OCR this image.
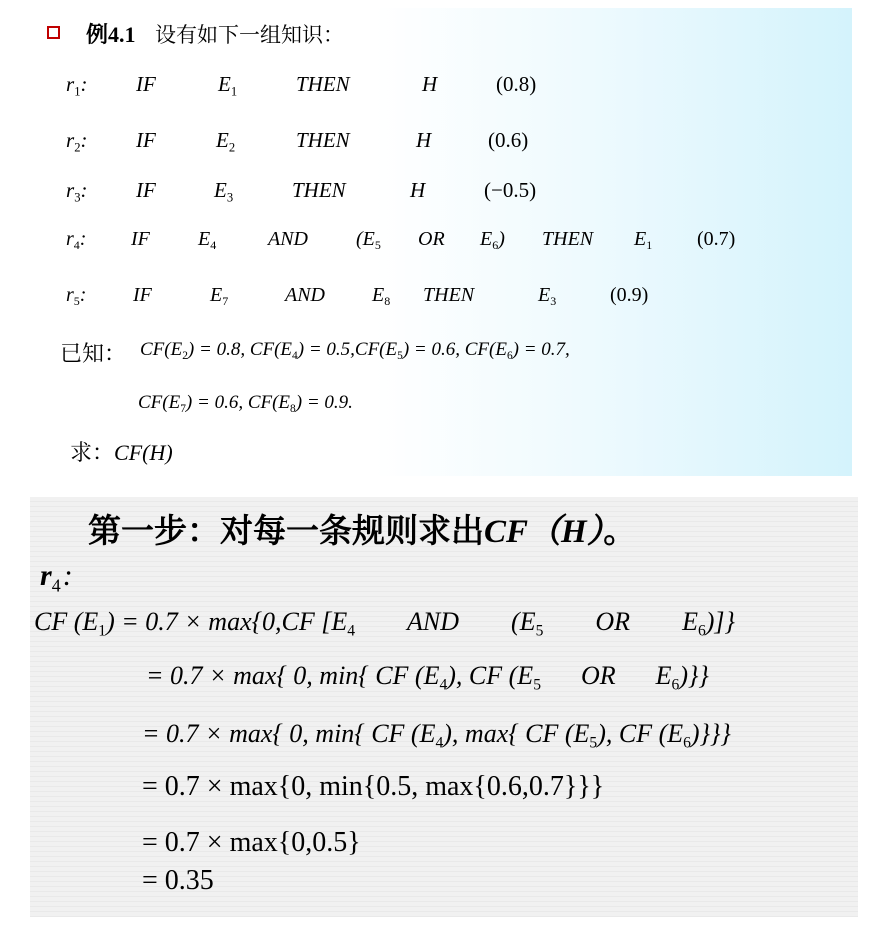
例4.1 设有如下一组知识：
$r_1$: IF	$E_1$	THEN	H	(0.8)
$r_2$: IF	$E_2$	THEN	H	(0.6)
$r_3$: IF	$E_3$	THEN	H	(−0.5)
$r_4$: IF $E_4$	AND ($E_5$ OR $E_6$) THEN $E_1$ (0.7)
$r_5$: IF	$E_7$	AND $E_8$ THEN	$E_3$	(0.9)
已知： $CF(E_2) = 0.8$, $CF(E_4) = 0.5,CF(E_5) = 0.6$, $CF(E_6) = 0.7$,
$CF(E_7) = 0.6$, $CF(E_8) = 0.9$.
求：CF(H)
第一步：对每一条规则求出CF（H）。
$r_4$:
CF $(E_1) = 0.7 \times \max\{0,CF$ [$E_4$ AND ($E_5$ OR $E_6$)]}
= 0.7 × max{ 0, min{ CF $(E_4)$, CF ($E_5$ OR $E_6$)}}
= 0.7 × max{ 0, min{ CF $(E_4)$, max{ CF $(E_5)$, CF $(E_6)$}}}
= 0.7 × max{0, min{0.5, max{0.6,0.7}}}
= 0.7 × max{0,0.5}
= 0.35
